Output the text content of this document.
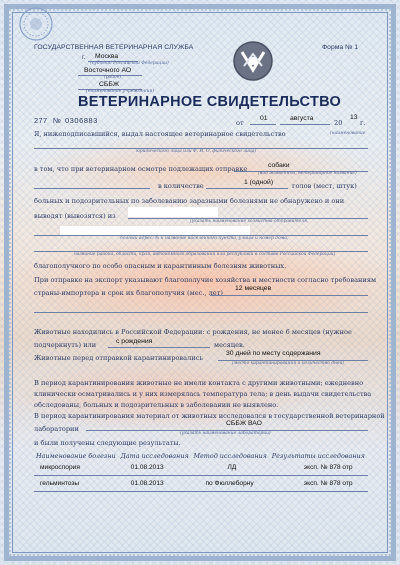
ГОСУДАРСТВЕННАЯ ВЕТЕРИНАРНАЯ СЛУЖБА
г. Москва
(субъект Российской Федерации)
Восточного АО
(район)
СББЖ
(наименование учреждения)
Форма № 1
ВЕТЕРИНАРНОЕ СВИДЕТЕЛЬСТВО
277 № 0306883	от
01	августа
20
13
г.
Я, нижеподписавшийся, выдал настоящее ветеринарное свидетельство	(наименование
юридического лица или Ф. И. О. физического лица)
в том, что при ветеринарном осмотре подлежащих отправке	собаки
(вид животных, ветеринарное название)
в количестве	1 (одной)	голов (мест, штук)
больных и подозрительных по заболеванию заразными болезнями не обнаружено и они
выводят (вывозятся) из
(указать наименование хозяйства-отправителя,
полный адрес: № и название населенного пункта, улицы и номер дома,
название района, области, края, автономного образования или республики в составе Российской Федерации)
благополучного по особо опасным и карантинным болезням животных.
При отправке на экспорт указывают благополучие хозяйства и местности согласно требованиям
страны-импортера и срок их благополучия (мес., лет)
12 месяцев
Животные находились в Российской Федерации: с рождения, не менее 6 месяцев (нужное
подчеркнуть) или	с рождения	месяцев.
Животные перед отправкой карантинировались
30 дней по месту содержания
(место карантинирования и количество дней)
В период карантинирования животные не имели контакта с другими животными; ежедневно
клинически осматривались и у них измерялась температура тела; в день выдачи свидетельства
обследованы, больных и подозрительных в заболевании не выявлено.
В период карантинирования материал от животных исследовался в государственной ветеринарной
лаборатории
СББЖ ВАО
(указать наименование лаборатории)
и были получены следующие результаты.
Наименование болезни	Дата исследования	Метод исследования	Результаты исследования
микроспория	01.08.2013	ЛД	эксп. № 878 отр
гельминтозы	01.08.2013	по Фюллеборну	эксп. № 878 отр
